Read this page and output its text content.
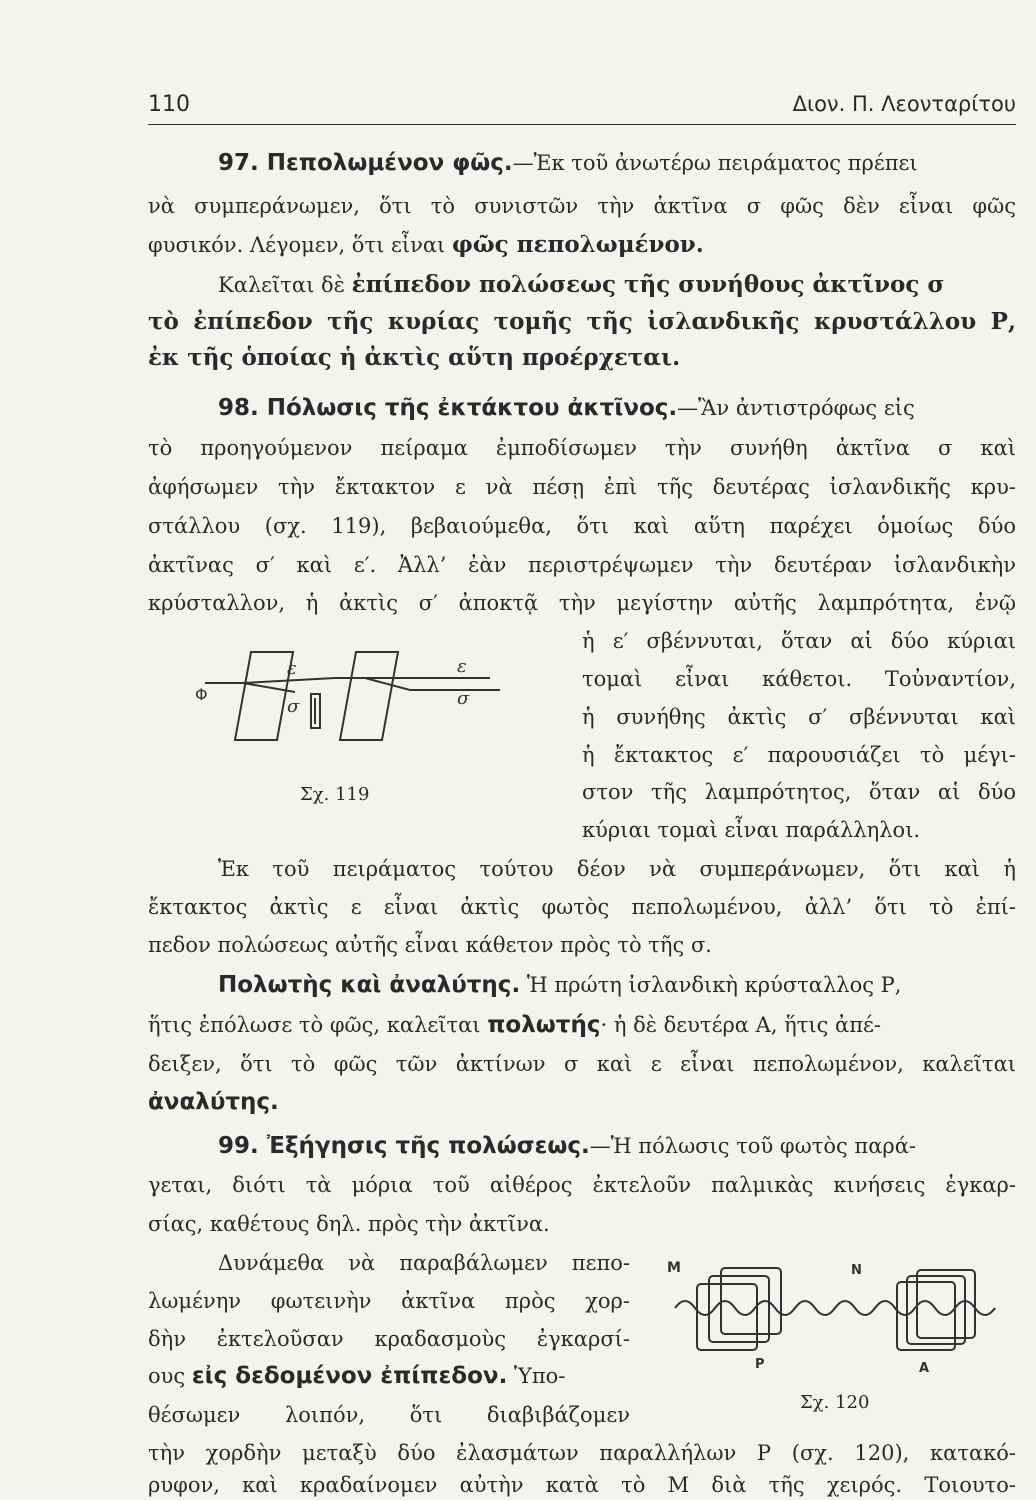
110	Διον. Π. Λεονταρίτου
97. Πεπολωμένον φῶς.—Ἐκ τοῦ ἀνωτέρω πειράματος πρέπει
νὰ συμπεράνωμεν, ὅτι τὸ συνιστῶν τὴν ἀκτῖνα σ φῶς δὲν εἶναι φῶς
φυσικόν. Λέγομεν, ὅτι εἶναι φῶς πεπολωμένον.
Καλεῖται δὲ ἐπίπεδον πολώσεως τῆς συνήθους ἀκτῖνος σ
τὸ ἐπίπεδον τῆς κυρίας τομῆς τῆς ἰσλανδικῆς κρυστάλλου Ρ,
ἐκ τῆς ὁποίας ἡ ἀκτὶς αὕτη προέρχεται.
98. Πόλωσις τῆς ἐκτάκτου ἀκτῖνος.—Ἂν ἀντιστρόφως εἰς
τὸ προηγούμενον πείραμα ἐμποδίσωμεν τὴν συνήθη ἀκτῖνα σ καὶ
ἀφήσωμεν τὴν ἔκτακτον ε νὰ πέσῃ ἐπὶ τῆς δευτέρας ἰσλανδικῆς κρυ-
στάλλου (σχ. 119), βεβαιούμεθα, ὅτι καὶ αὕτη παρέχει ὁμοίως δύο
ἀκτῖνας σ′ καὶ ε′. Ἀλλ’ ἐὰν περιστρέψωμεν τὴν δευτέραν ἰσλανδικὴν
κρύσταλλον, ἡ ἀκτὶς σ′ ἀποκτᾷ τὴν μεγίστην αὐτῆς λαμπρότητα, ἐνῷ
ἡ ε′ σβέννυται, ὅταν αἱ δύο κύριαι
τομαὶ εἶναι κάθετοι. Τοὐναντίον,
ἡ συνήθης ἀκτὶς σ′ σβέννυται καὶ
ἡ ἔκτακτος ε′ παρουσιάζει τὸ μέγι-
στον τῆς λαμπρότητος, ὅταν αἱ δύο
κύριαι τομαὶ εἶναι παράλληλοι.
Ἐκ τοῦ πειράματος τούτου δέον νὰ συμπεράνωμεν, ὅτι καὶ ἡ
ἔκτακτος ἀκτὶς ε εἶναι ἀκτὶς φωτὸς πεπολωμένου, ἀλλ’ ὅτι τὸ ἐπί-
πεδον πολώσεως αὐτῆς εἶναι κάθετον πρὸς τὸ τῆς σ.
Φ
ε
σ
ε
σ
Σχ. 119
Πολωτὴς καὶ ἀναλύτης. Ἡ πρώτη ἰσλανδικὴ κρύσταλλος Ρ,
ἥτις ἐπόλωσε τὸ φῶς, καλεῖται πολωτής· ἡ δὲ δευτέρα Α, ἥτις ἀπέ-
δειξεν, ὅτι τὸ φῶς τῶν ἀκτίνων σ καὶ ε εἶναι πεπολωμένον, καλεῖται
ἀναλύτης.
99. Ἐξήγησις τῆς πολώσεως.—Ἡ πόλωσις τοῦ φωτὸς παρά-
γεται, διότι τὰ μόρια τοῦ αἰθέρος ἐκτελοῦν παλμικὰς κινήσεις ἐγκαρ-
σίας, καθέτους δηλ. πρὸς τὴν ἀκτῖνα.
Δυνάμεθα νὰ παραβάλωμεν πεπο-
λωμένην φωτεινὴν ἀκτῖνα πρὸς χορ-
δὴν ἐκτελοῦσαν κραδασμοὺς ἐγκαρσί-
ους εἰς δεδομένον ἐπίπεδον. Ὑπο-
θέσωμεν λοιπόν, ὅτι διαβιβάζομεν
τὴν χορδὴν μεταξὺ δύο ἐλασμάτων παραλλήλων Ρ (σχ. 120), κατακό-
ρυφον, καὶ κραδαίνομεν αὐτὴν κατὰ τὸ Μ διὰ τῆς χειρός. Τοιουτο-
Μ	Ν
Ρ	Α
Σχ. 120
